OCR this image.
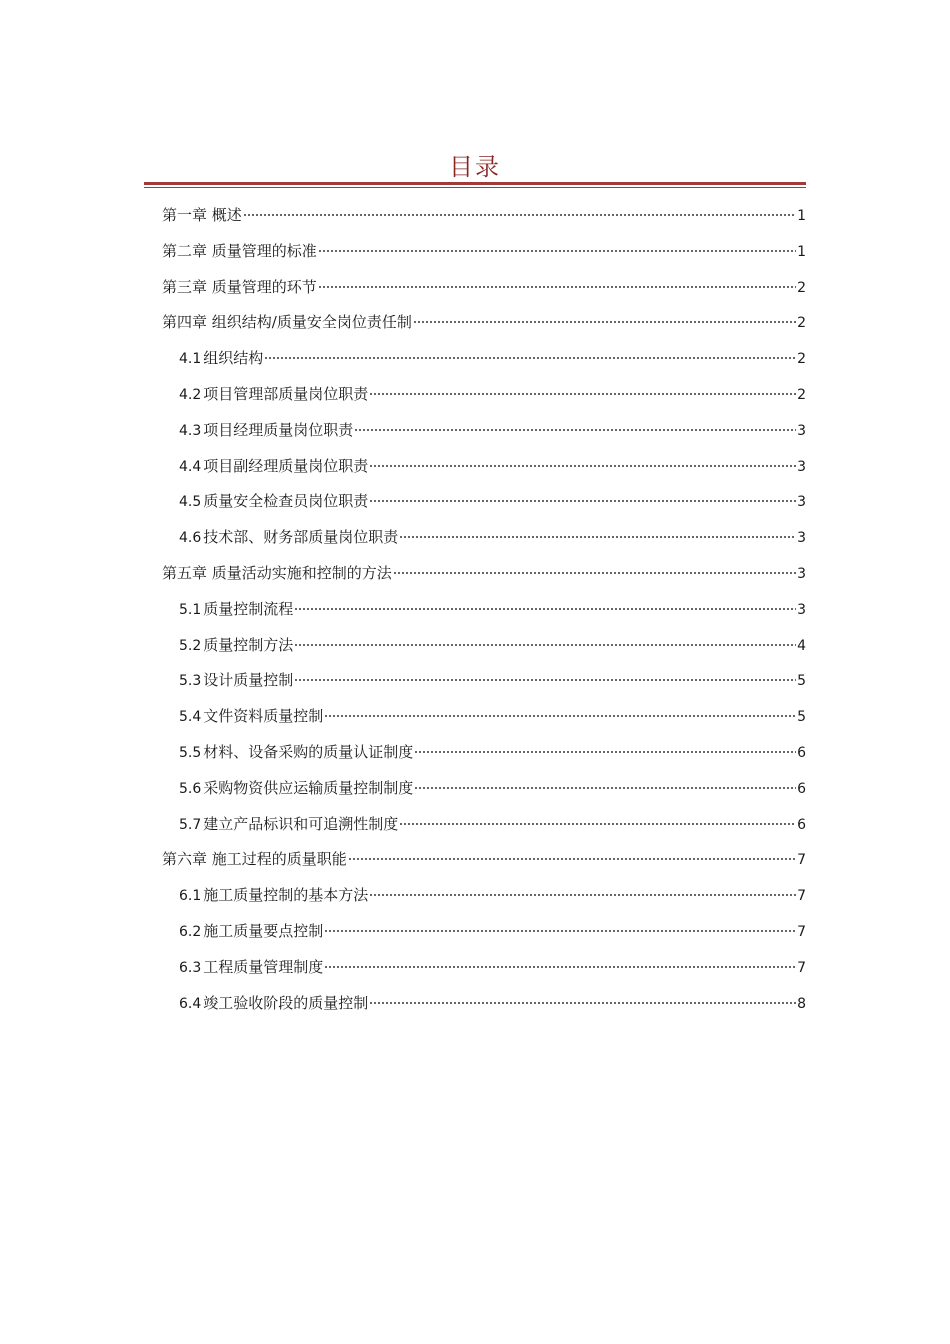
目录
第一章 概述	1
第二章 质量管理的标准	1
第三章 质量管理的环节	2
第四章 组织结构/质量安全岗位责任制	2
4.1 组织结构	2
4.2 项目管理部质量岗位职责	2
4.3 项目经理质量岗位职责	3
4.4 项目副经理质量岗位职责	3
4.5 质量安全检查员岗位职责	3
4.6 技术部、财务部质量岗位职责	3
第五章 质量活动实施和控制的方法	3
5.1 质量控制流程	3
5.2 质量控制方法	4
5.3 设计质量控制	5
5.4 文件资料质量控制	5
5.5 材料、设备采购的质量认证制度	6
5.6 采购物资供应运输质量控制制度	6
5.7 建立产品标识和可追溯性制度	6
第六章 施工过程的质量职能	7
6.1 施工质量控制的基本方法	7
6.2 施工质量要点控制	7
6.3 工程质量管理制度	7
6.4 竣工验收阶段的质量控制	8
